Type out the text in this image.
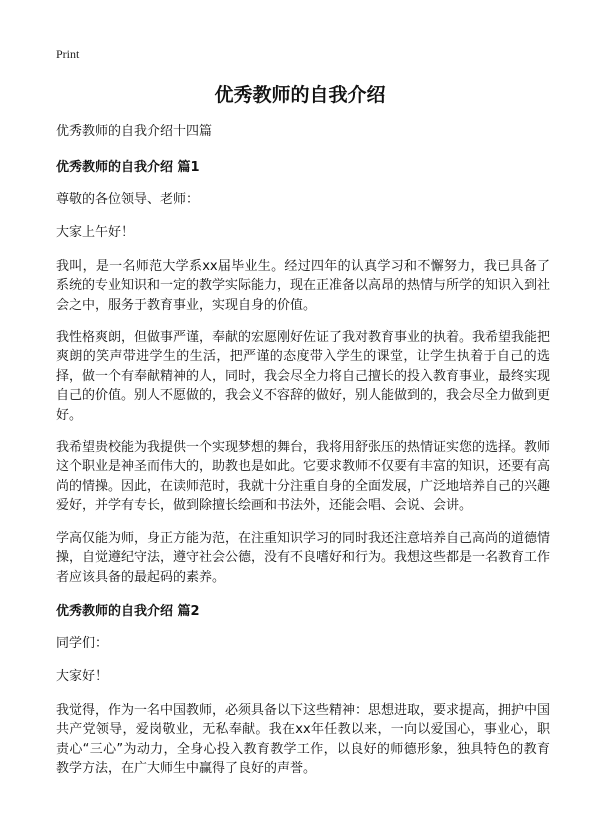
Print
优秀教师的自我介绍

优秀教师的自我介绍十四篇

优秀教师的自我介绍 篇1

尊敬的各位领导、老师：

大家上午好！

我叫，是一名师范大学系xx届毕业生。经过四年的认真学习和不懈努力，我已具备了系统的专业知识和一定的教学实际能力，现在正准备以高昂的热情与所学的知识入到社会之中，服务于教育事业，实现自身的价值。

我性格爽朗，但做事严谨，奉献的宏愿刚好佐证了我对教育事业的执着。我希望我能把爽朗的笑声带进学生的生活，把严谨的态度带入学生的课堂，让学生执着于自己的选择，做一个有奉献精神的人，同时，我会尽全力将自己擅长的投入教育事业，最终实现自己的价值。别人不愿做的，我会义不容辞的做好，别人能做到的，我会尽全力做到更好。

我希望贵校能为我提供一个实现梦想的舞台，我将用舒张压的热情证实您的选择。教师这个职业是神圣而伟大的，助教也是如此。它要求教师不仅要有丰富的知识，还要有高尚的情操。因此，在读师范时，我就十分注重自身的全面发展，广泛地培养自己的兴趣爱好，并学有专长，做到除擅长绘画和书法外，还能会唱、会说、会讲。

学高仅能为师，身正方能为范，在注重知识学习的同时我还注意培养自己高尚的道德情操，自觉遵纪守法，遵守社会公德，没有不良嗜好和行为。我想这些都是一名教育工作者应该具备的最起码的素养。

优秀教师的自我介绍 篇2

同学们：

大家好！

我觉得，作为一名中国教师，必须具备以下这些精神：思想进取，要求提高，拥护中国共产党领导，爱岗敬业，无私奉献。我在xx年任教以来，一向以爱国心，事业心，职责心“三心”为动力，全身心投入教育教学工作，以良好的师德形象，独具特色的教育教学方法，在广大师生中赢得了良好的声誉。
